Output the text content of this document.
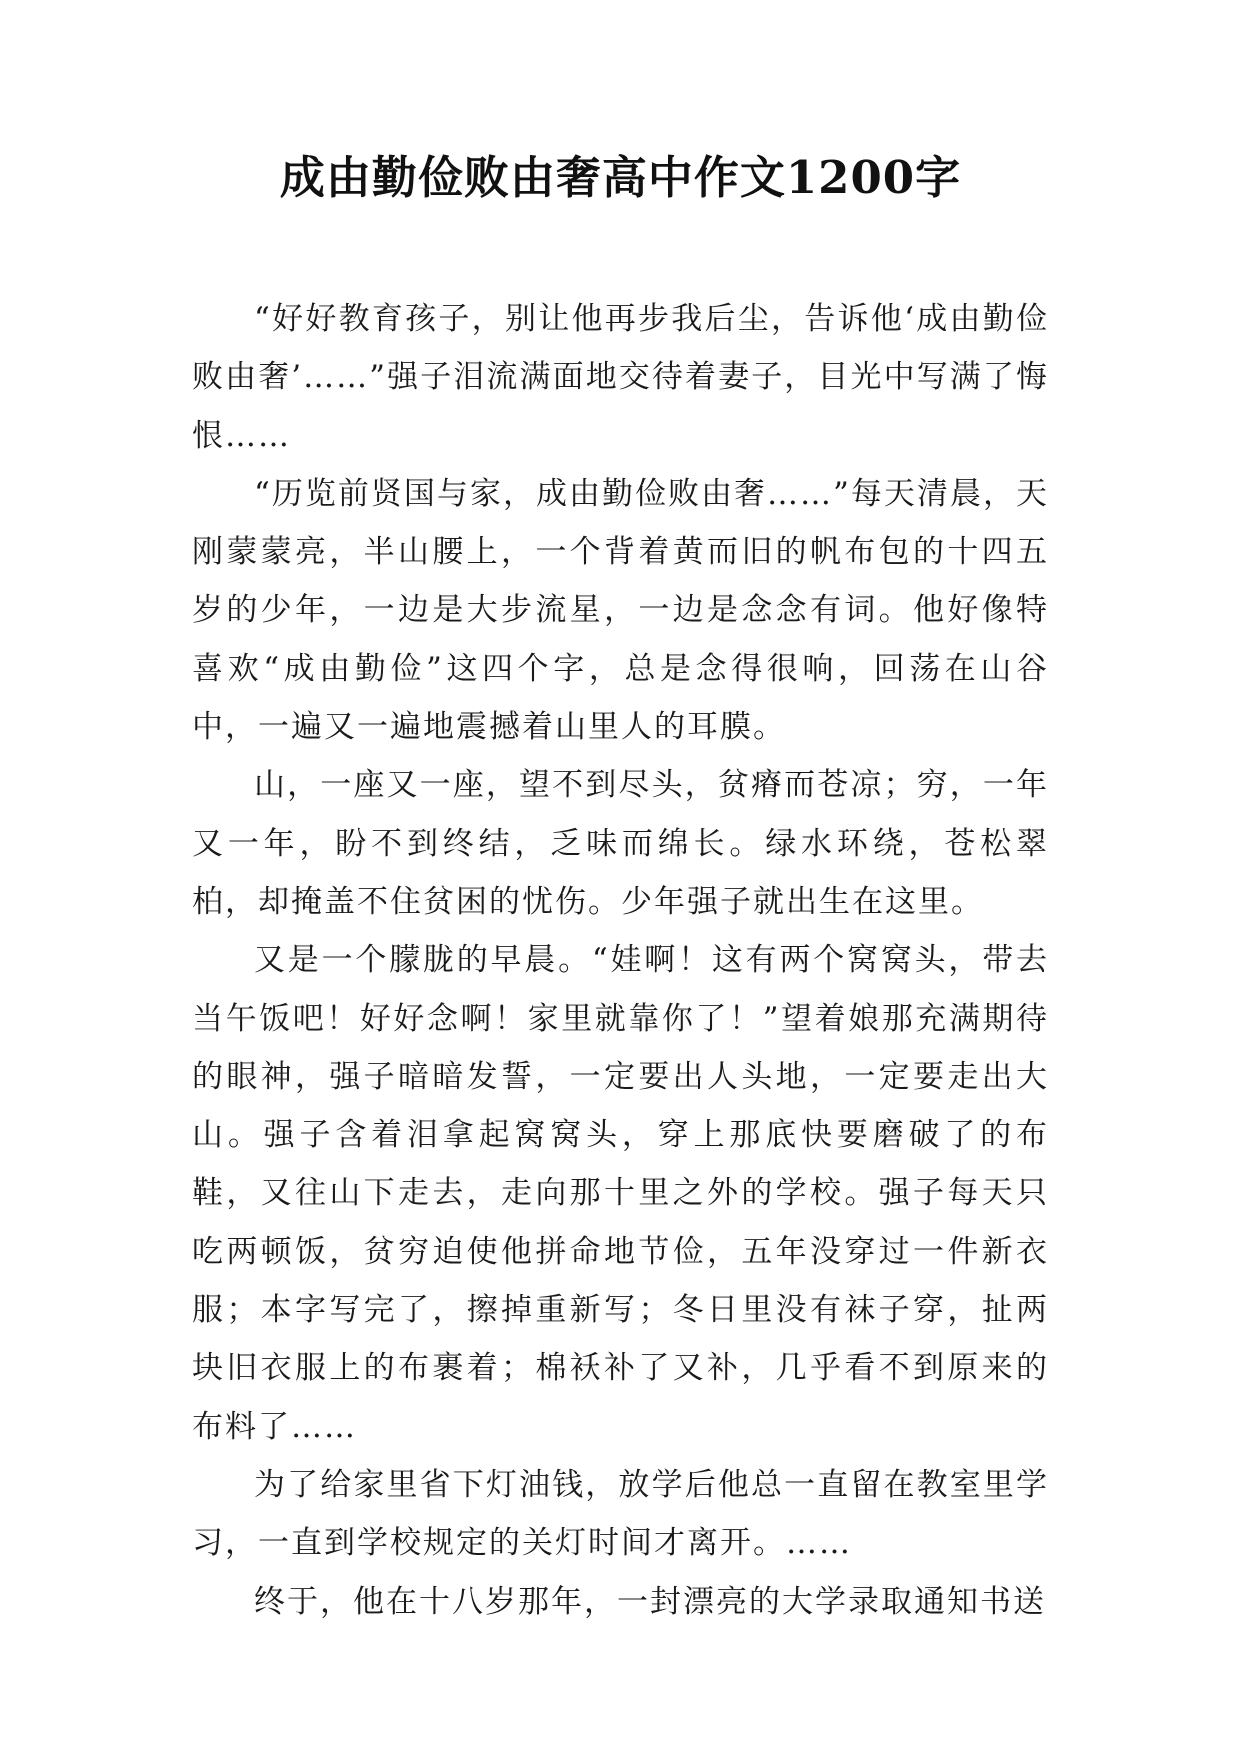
成由勤俭败由奢高中作文1200字

“好好教育孩子，别让他再步我后尘，告诉他‘成由勤俭败由奢’……”强子泪流满面地交待着妻子，目光中写满了悔恨……

“历览前贤国与家，成由勤俭败由奢……”每天清晨，天刚蒙蒙亮，半山腰上，一个背着黄而旧的帆布包的十四五岁的少年，一边是大步流星，一边是念念有词。他好像特喜欢“成由勤俭”这四个字，总是念得很响，回荡在山谷中，一遍又一遍地震撼着山里人的耳膜。

山，一座又一座，望不到尽头，贫瘠而苍凉；穷，一年又一年，盼不到终结，乏味而绵长。绿水环绕，苍松翠柏，却掩盖不住贫困的忧伤。少年强子就出生在这里。

又是一个朦胧的早晨。“娃啊！这有两个窝窝头，带去当午饭吧！好好念啊！家里就靠你了！”望着娘那充满期待的眼神，强子暗暗发誓，一定要出人头地，一定要走出大山。强子含着泪拿起窝窝头，穿上那底快要磨破了的布鞋，又往山下走去，走向那十里之外的学校。强子每天只吃两顿饭，贫穷迫使他拼命地节俭，五年没穿过一件新衣服；本字写完了，擦掉重新写；冬日里没有袜子穿，扯两块旧衣服上的布裹着；棉袄补了又补，几乎看不到原来的布料了……

为了给家里省下灯油钱，放学后他总一直留在教室里学习，一直到学校规定的关灯时间才离开。……

终于，他在十八岁那年，一封漂亮的大学录取通知书送
